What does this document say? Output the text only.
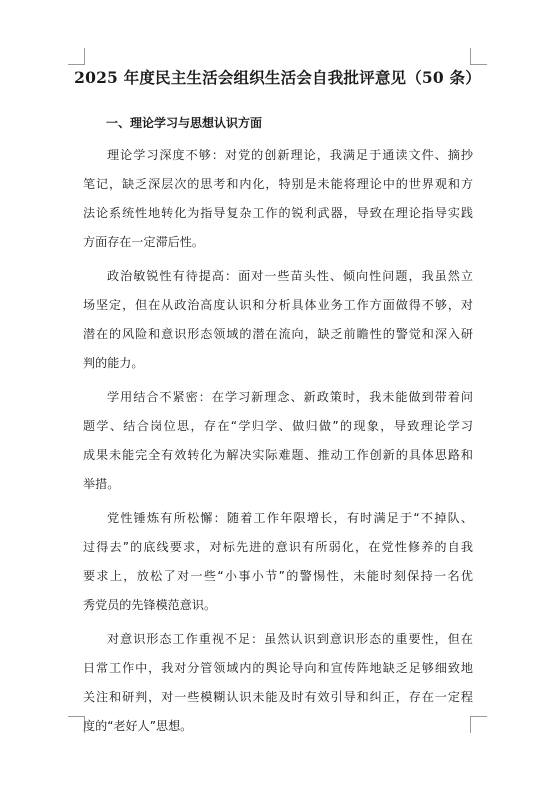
2025 年度民主生活会组织生活会自我批评意见（50 条）
一、理论学习与思想认识方面
理论学习深度不够：对党的创新理论，我满足于通读文件、摘抄
笔记，缺乏深层次的思考和内化，特别是未能将理论中的世界观和方
法论系统性地转化为指导复杂工作的锐利武器，导致在理论指导实践
方面存在一定滞后性。
政治敏锐性有待提高：面对一些苗头性、倾向性问题，我虽然立
场坚定，但在从政治高度认识和分析具体业务工作方面做得不够，对
潜在的风险和意识形态领域的潜在流向，缺乏前瞻性的警觉和深入研
判的能力。
学用结合不紧密：在学习新理念、新政策时，我未能做到带着问
题学、结合岗位思，存在“学归学、做归做”的现象，导致理论学习
成果未能完全有效转化为解决实际难题、推动工作创新的具体思路和
举措。
党性锤炼有所松懈：随着工作年限增长，有时满足于“不掉队、
过得去”的底线要求，对标先进的意识有所弱化，在党性修养的自我
要求上，放松了对一些“小事小节”的警惕性，未能时刻保持一名优
秀党员的先锋模范意识。
对意识形态工作重视不足：虽然认识到意识形态的重要性，但在
日常工作中，我对分管领域内的舆论导向和宣传阵地缺乏足够细致地
关注和研判，对一些模糊认识未能及时有效引导和纠正，存在一定程
度的“老好人”思想。
